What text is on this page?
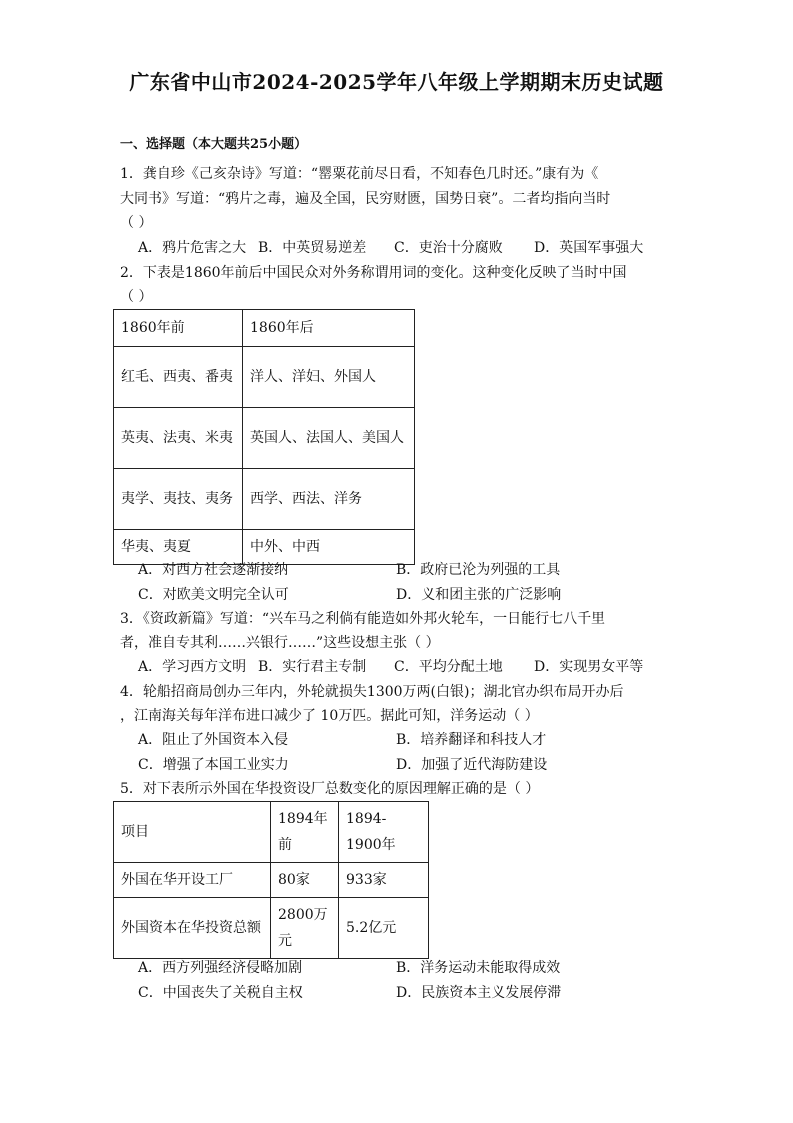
广东省中山市2024-2025学年八年级上学期期末历史试题
一、选择题（本大题共25小题）
1．龚自珍《己亥杂诗》写道：“罂粟花前尽日看，不知春色几时还。”康有为《
大同书》写道：“鸦片之毒，遍及全国，民穷财匮，国势日衰”。二者均指向当时
（ ）
A．鸦片危害之大 B．中英贸易逆差 C．吏治十分腐败 D．英国军事强大
2．下表是1860年前后中国民众对外务称谓用词的变化。这种变化反映了当时中国
（ ）
1860年前	1860年后
红毛、西夷、番夷	洋人、洋妇、外国人
英夷、法夷、米夷	英国人、法国人、美国人
夷学、夷技、夷务	西学、西法、洋务
华夷、夷夏	中外、中西
A．对西方社会逐渐接纳	B．政府已沦为列强的工具
C．对欧美文明完全认可	D．义和团主张的广泛影响
3．《资政新篇》写道：“兴车马之利倘有能造如外邦火轮车，一日能行七八千里
者，准自专其利……兴银行……”这些设想主张（ ）
A．学习西方文明 B．实行君主专制 C．平均分配土地 D．实现男女平等
4．轮船招商局创办三年内，外轮就损失1300万两(白银)；湖北官办织布局开办后
，江南海关每年洋布进口减少了 10万匹。据此可知，洋务运动（ ）
A．阻止了外国资本入侵	B．培养翻译和科技人才
C．增强了本国工业实力	D．加强了近代海防建设
5．对下表所示外国在华投资设厂总数变化的原因理解正确的是（ ）
项目	1894年前	1894-1900年
外国在华开设工厂	80家	933家
外国资本在华投资总额	2800万元	5.2亿元
A．西方列强经济侵略加剧	B．洋务运动未能取得成效
C．中国丧失了关税自主权	D．民族资本主义发展停滞
